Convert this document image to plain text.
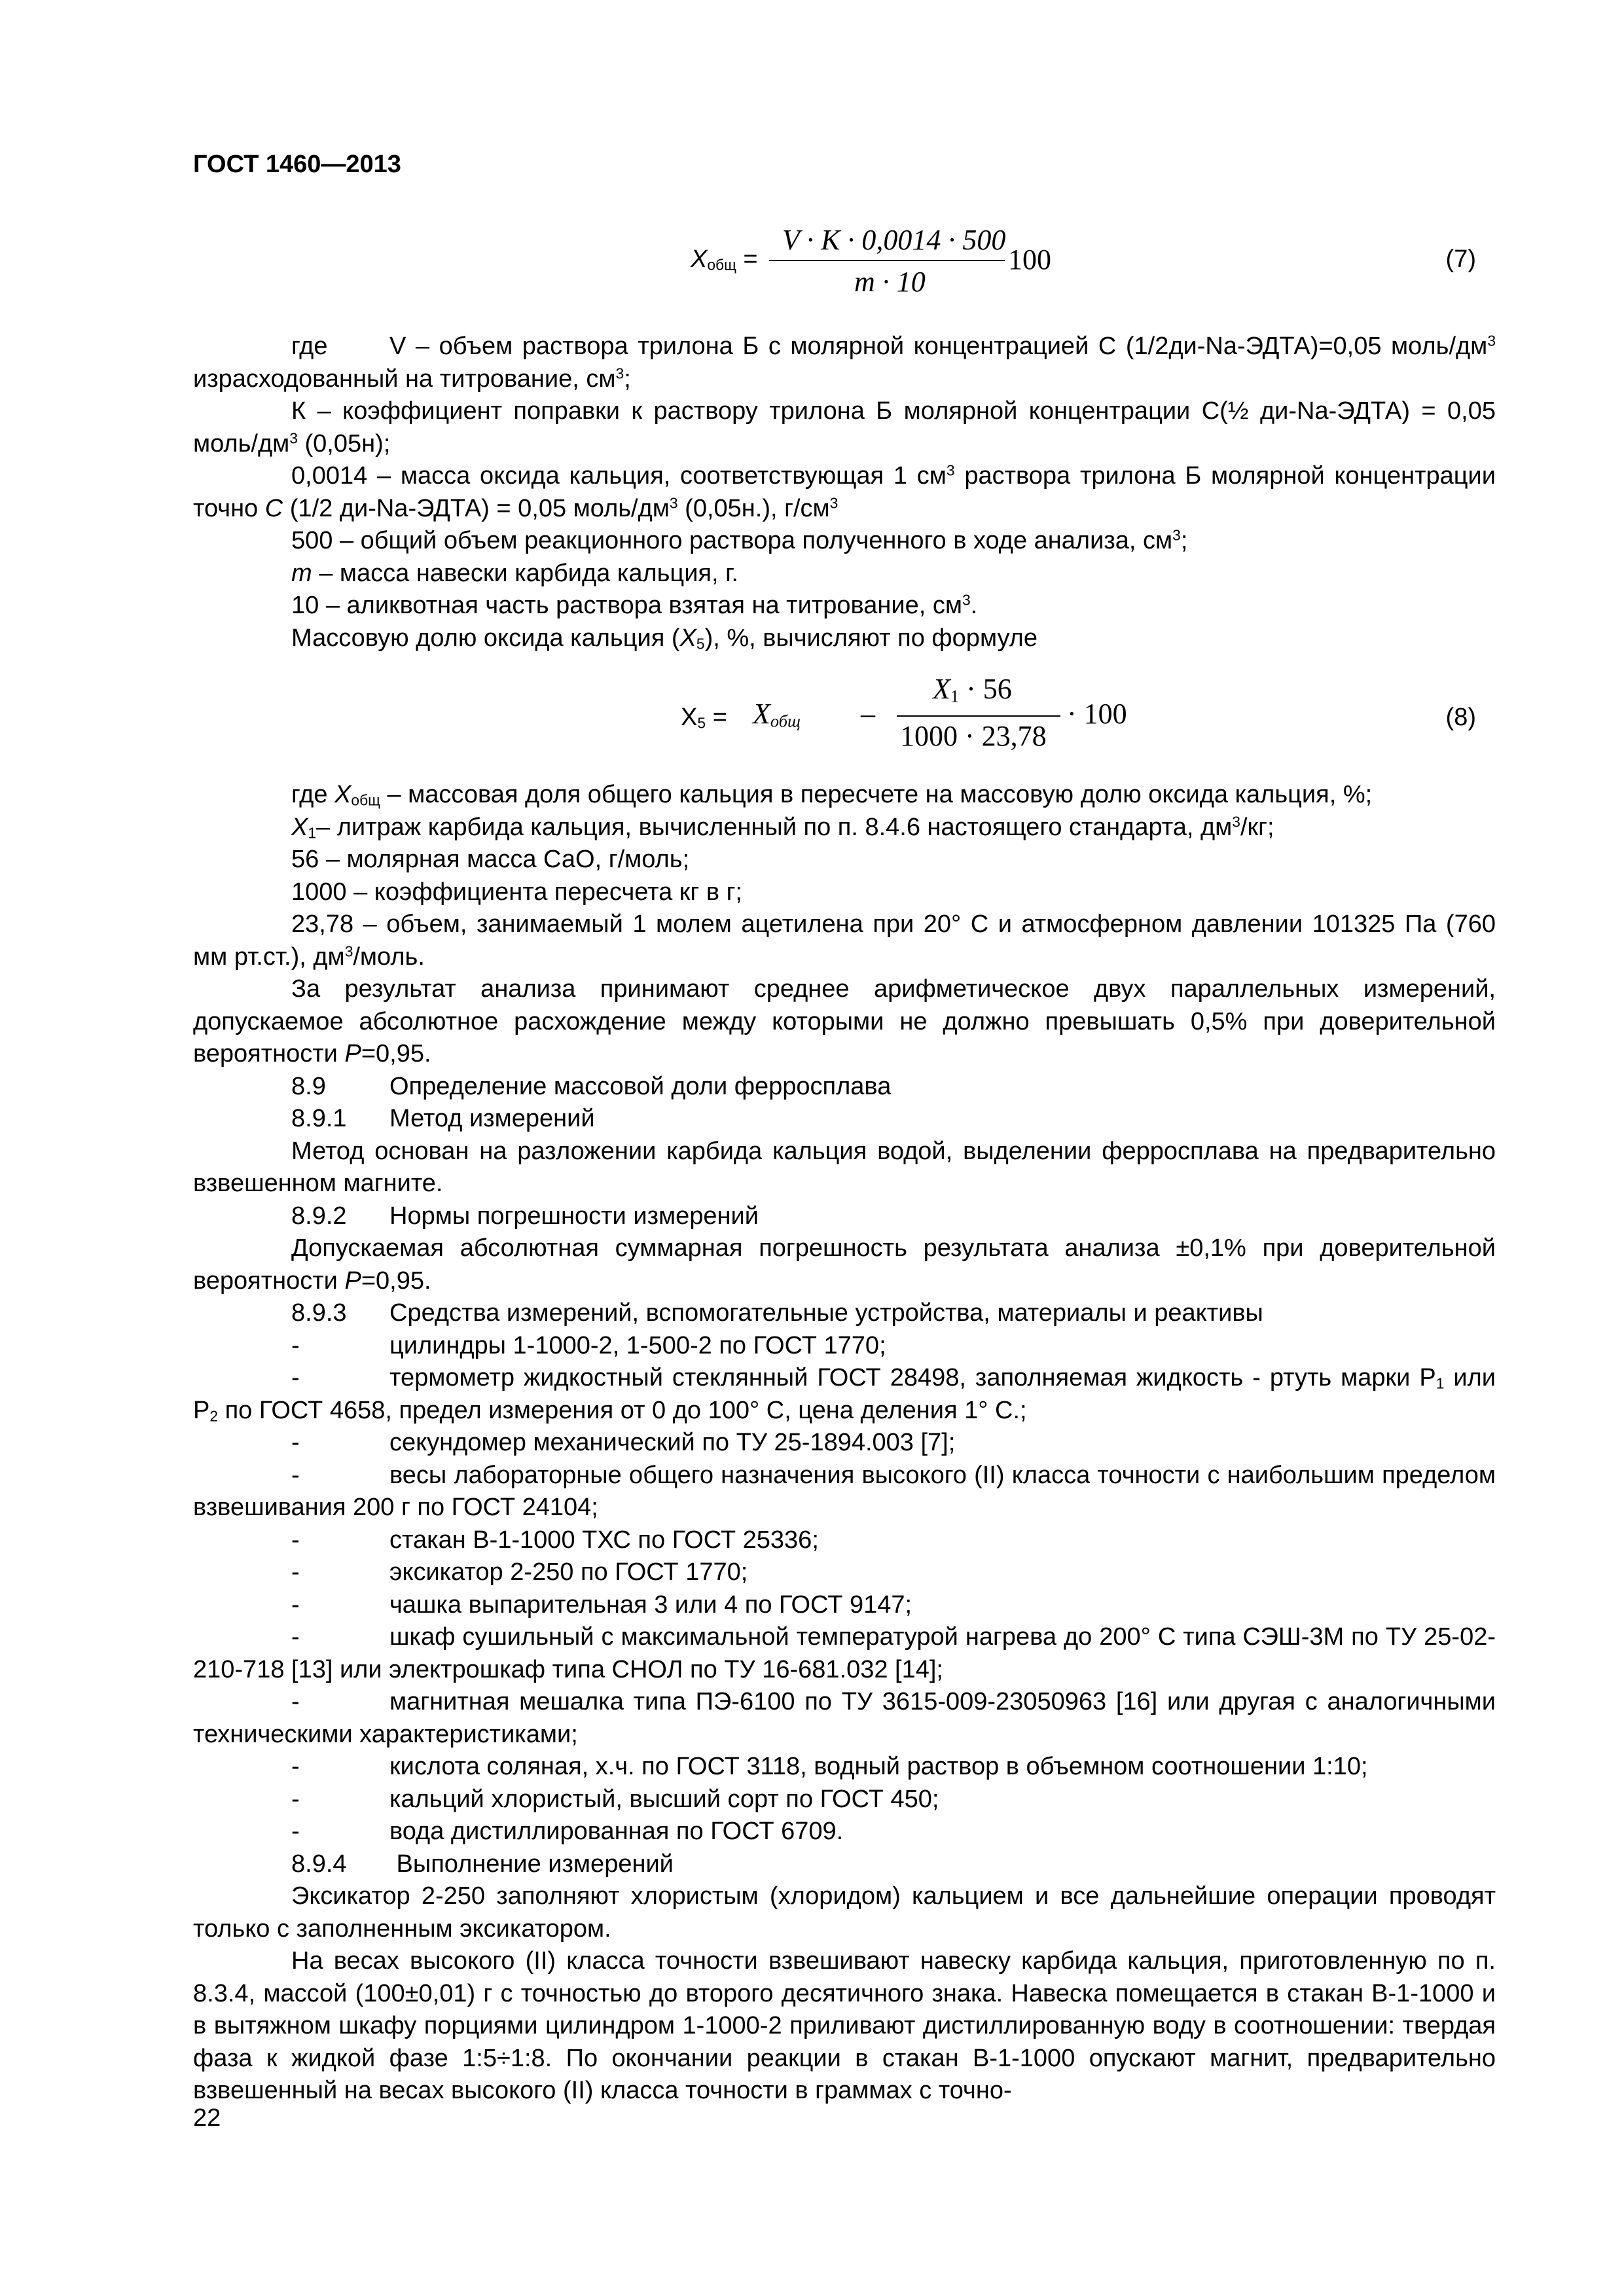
ГОСТ 1460—2013
$X_{общ}$ =
V · K · 0,0014 · 500
100
m · 10
(7)

где V – объем раствора трилона Б с молярной концентрацией С (1/2ди-Na-ЭДТА)=0,05 моль/$дм^3$ израсходованный на титрование, $см^3$;

К – коэффициент поправки к раствору трилона Б молярной концентрации С(½ ди-Na-ЭДТА) = 0,05 моль/$дм^3$ (0,05н);

0,0014 – масса оксида кальция, соответствующая 1 $см^3$ раствора трилона Б молярной концентрации точно С (1/2 ди-Na-ЭДТА) = 0,05 моль/$дм^3$ (0,05н.), $г/см^3$

500 – общий объем реакционного раствора полученного в ходе анализа, $см^3$;

m – масса навески карбида кальция, г.

10 – аликвотная часть раствора взятая на титрование, $см^3$.

Массовую долю оксида кальция $(X_5)$, %, вычисляют по формуле

$X_5 = X_{общ}$ –
$X_1 \cdot 56$
1000 · 23,78
· 100	(8)

где $X_{общ}$ – массовая доля общего кальция в пересчете на массовую долю оксида кальция, %;

$X_1-$ литраж карбида кальция, вычисленный по п. 8.4.6 настоящего стандарта, $дм^3/кг$;

56 – молярная масса СаО, г/моль;

1000 – коэффициента пересчета кг в г;

23,78 – объем, занимаемый 1 молем ацетилена при 20° С и атмосферном давлении 101325 Па (760 мм рт.ст.), $дм^3$/моль.

За результат анализа принимают среднее арифметическое двух параллельных измерений, допускаемое абсолютное расхождение между которыми не должно превышать 0,5% при доверительной вероятности P=0,95.

8.9	Определение массовой доли ферросплава

8.9.1 Метод измерений

Метод основан на разложении карбида кальция водой, выделении ферросплава на предварительно взвешенном магните.

8.9.2 Нормы погрешности измерений

Допускаемая абсолютная суммарная погрешность результата анализа ±0,1% при доверительной вероятности P=0,95.

8.9.3 Средства измерений, вспомогательные устройства, материалы и реактивы

-	цилиндры 1-1000-2, 1-500-2 по ГОСТ 1770;

-	термометр жидкостный стеклянный ГОСТ 28498, заполняемая жидкость - ртуть марки $Р_1$ или $Р_2$ по ГОСТ 4658, предел измерения от 0 до 100° С, цена деления 1° С.;

-	секундомер механический по ТУ 25-1894.003 [7];

-	весы лабораторные общего назначения высокого (II) класса точности с наибольшим пределом взвешивания 200 г по ГОСТ 24104;

-	стакан В-1-1000 ТХС по ГОСТ 25336;

-	эксикатор 2-250 по ГОСТ 1770;

-	чашка выпарительная 3 или 4 по ГОСТ 9147;

-	шкаф сушильный с максимальной температурой нагрева до 200° С типа СЭШ-3М по ТУ 25-02-210-718 [13] или электрошкаф типа СНОЛ по ТУ 16-681.032 [14];

-	магнитная мешалка типа ПЭ-6100 по ТУ 3615-009-23050963 [16] или другая с аналогичными техническими характеристиками;

-	кислота соляная, х.ч. по ГОСТ 3118, водный раствор в объемном соотношении 1:10;

-	кальций хлористый, высший сорт по ГОСТ 450;

-	вода дистиллированная по ГОСТ 6709.

8.9.4 Выполнение измерений

Эксикатор 2-250 заполняют хлористым (хлоридом) кальцием и все дальнейшие операции проводят только с заполненным эксикатором.

На весах высокого (II) класса точности взвешивают навеску карбида кальция, приготовленную по п. 8.3.4, массой (100±0,01) г с точностью до второго десятичного знака. Навеска помещается в стакан В-1-1000 и в вытяжном шкафу порциями цилиндром 1-1000-2 приливают дистиллированную воду в соотношении: твердая фаза к жидкой фазе 1:5÷1:8. По окончании реакции в стакан В-1-1000 опускают магнит, предварительно взвешенный на весах высокого (II) класса точности в граммах с точно-

22
